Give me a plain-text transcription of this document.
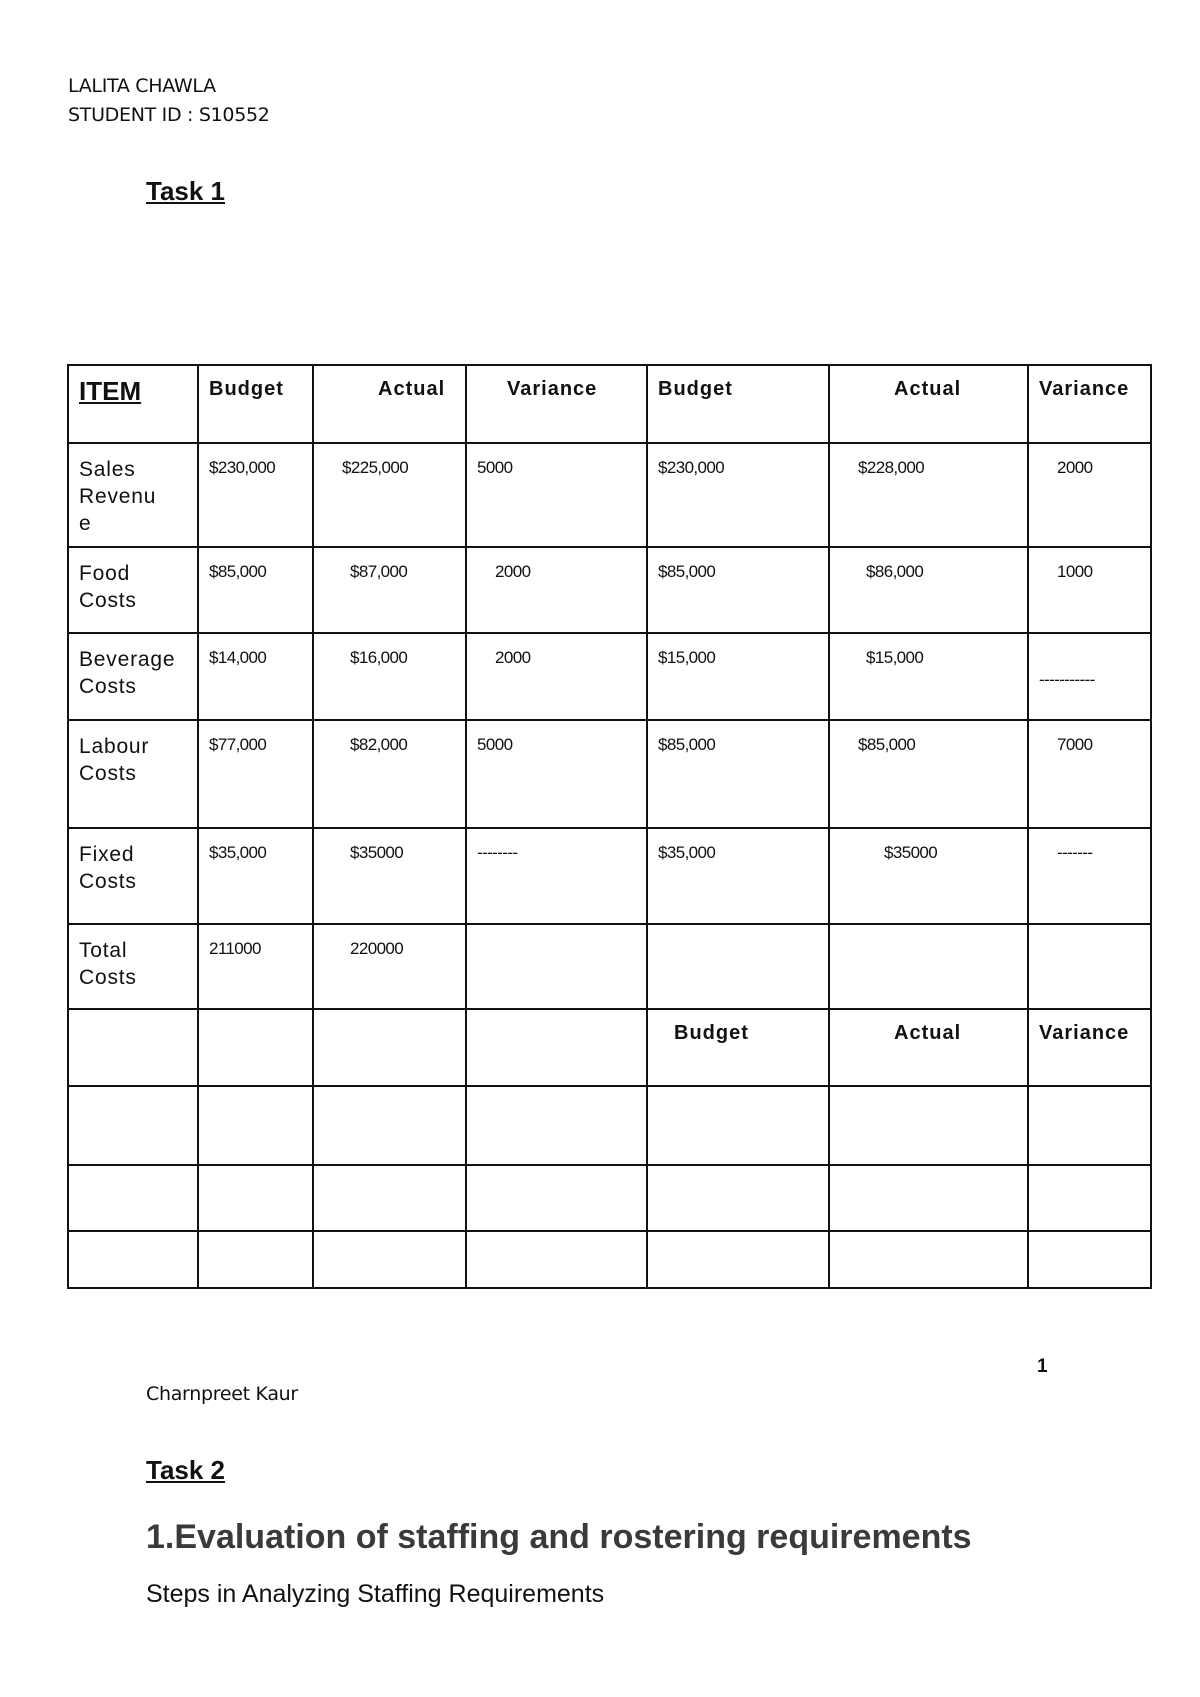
LALITA CHAWLA
STUDENT ID : S10552
Task 1
ITEM	Budget	Actual	Variance	Budget	Actual	Variance
Sales
Revenu
e	$230,000	$225,000	5000	$230,000	$228,000	2000
Food
Costs	$85,000	$87,000	2000	$85,000	$86,000	1000
Beverage
Costs	$14,000	$16,000	2000	$15,000	$15,000	-----------

Labour
Costs	$77,000	$82,000	5000	$85,000	$85,000	7000
Fixed
Costs	$35,000	$35000	--------	$35,000	$35000	-------
Total
Costs	211000	220000				
				Budget	Actual	Variance

1
Charnpreet Kaur
Task 2
1.Evaluation of staffing and rostering requirements
Steps in Analyzing Staffing Requirements
